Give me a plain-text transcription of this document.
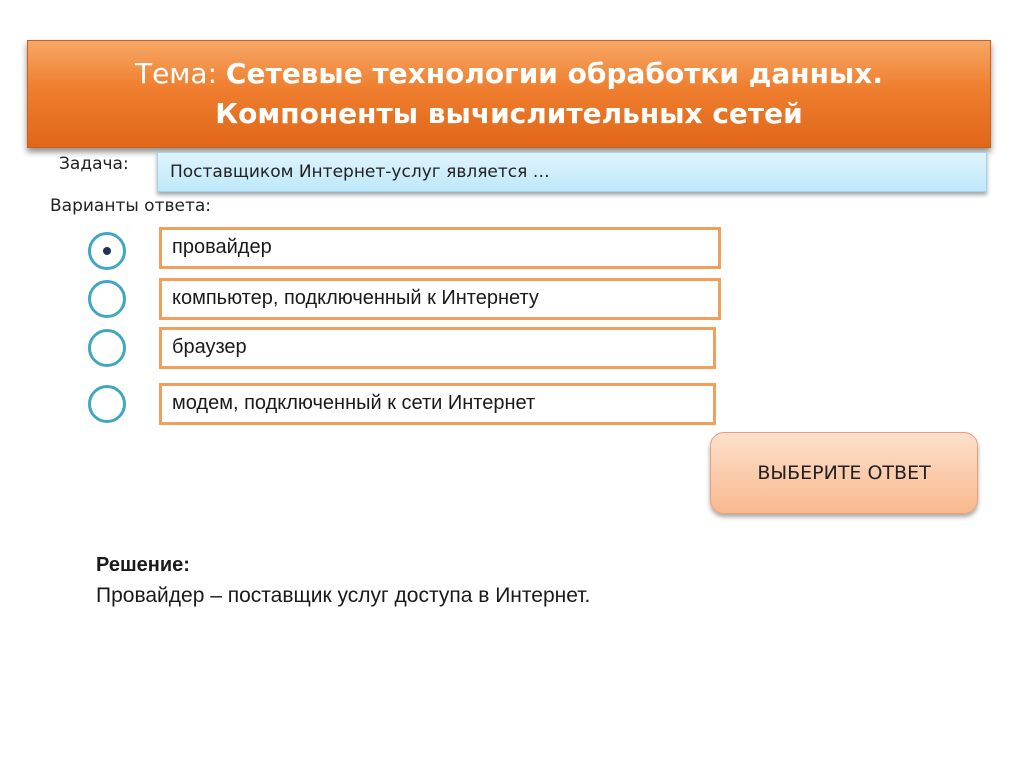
Тема: Сетевые технологии обработки данных.
Компоненты вычислительных сетей
Задача:	Поставщиком Интернет-услуг является …
Варианты ответа:
провайдер
компьютер, подключенный к Интернету
браузер
модем, подключенный к сети Интернет
ВЫБЕРИТЕ ОТВЕТ
Решение:
Провайдер – поставщик услуг доступа в Интернет.
